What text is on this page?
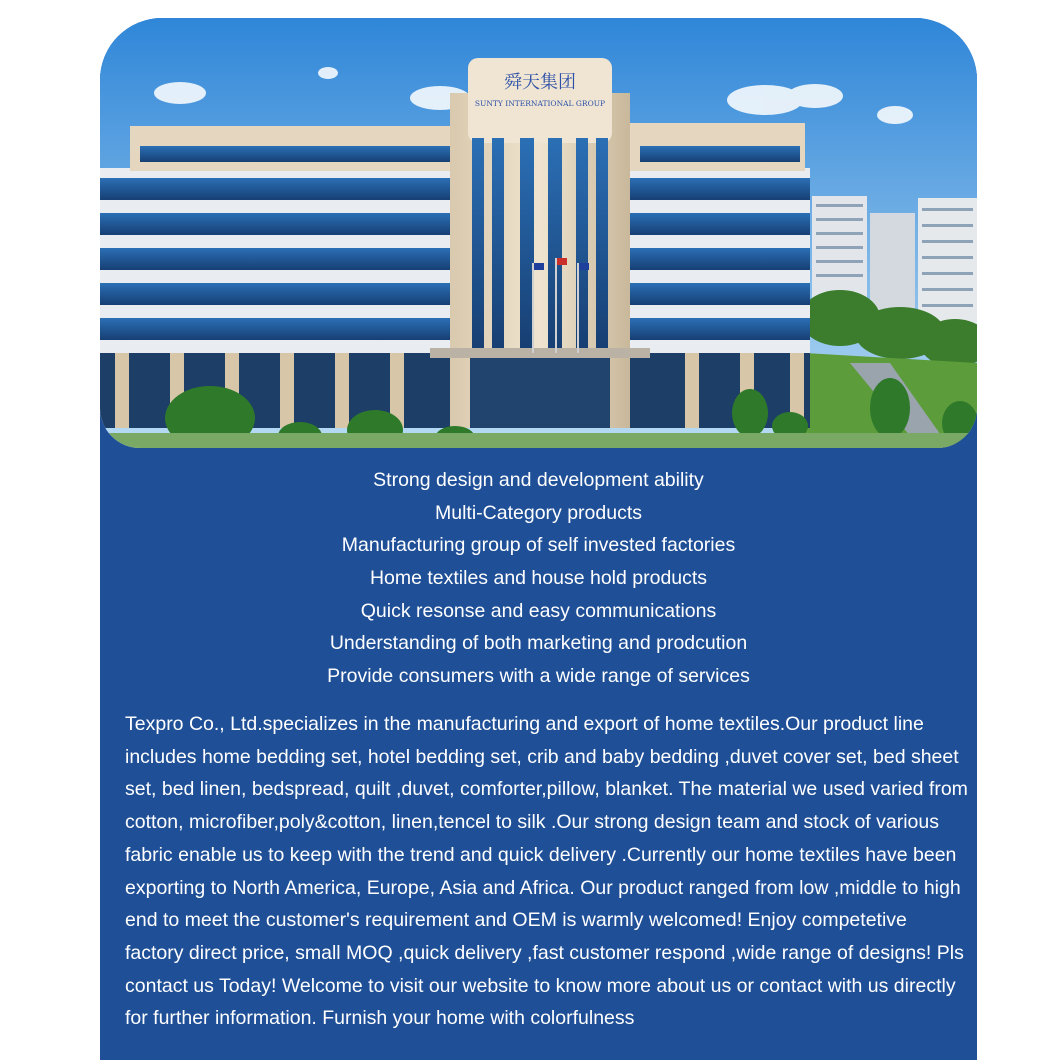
舜天集团
SUNTY INTERNATIONAL GROUP
Strong design and development ability
Multi-Category products
Manufacturing group of self invested factories
Home textiles and house hold products
Quick resonse and easy communications
Understanding of both marketing and prodcution
Provide consumers with a wide range of services

Texpro Co., Ltd.specializes in the manufacturing and export of home textiles.Our product line includes home bedding set, hotel bedding set, crib and baby bedding ,duvet cover set, bed sheet set, bed linen, bedspread, quilt ,duvet, comforter,pillow, blanket. The material we used varied from cotton, microfiber,poly&cotton, linen,tencel to silk .Our strong design team and stock of various fabric enable us to keep with the trend and quick delivery .Currently our home textiles have been exporting to North America, Europe, Asia and Africa. Our product ranged from low ,middle to high end to meet the customer's requirement and OEM is warmly welcomed! Enjoy competetive factory direct price, small MOQ ,quick delivery ,fast customer respond ,wide range of designs! Pls contact us Today! Welcome to visit our website to know more about us or contact with us directly for further information. Furnish your home with colorfulness
